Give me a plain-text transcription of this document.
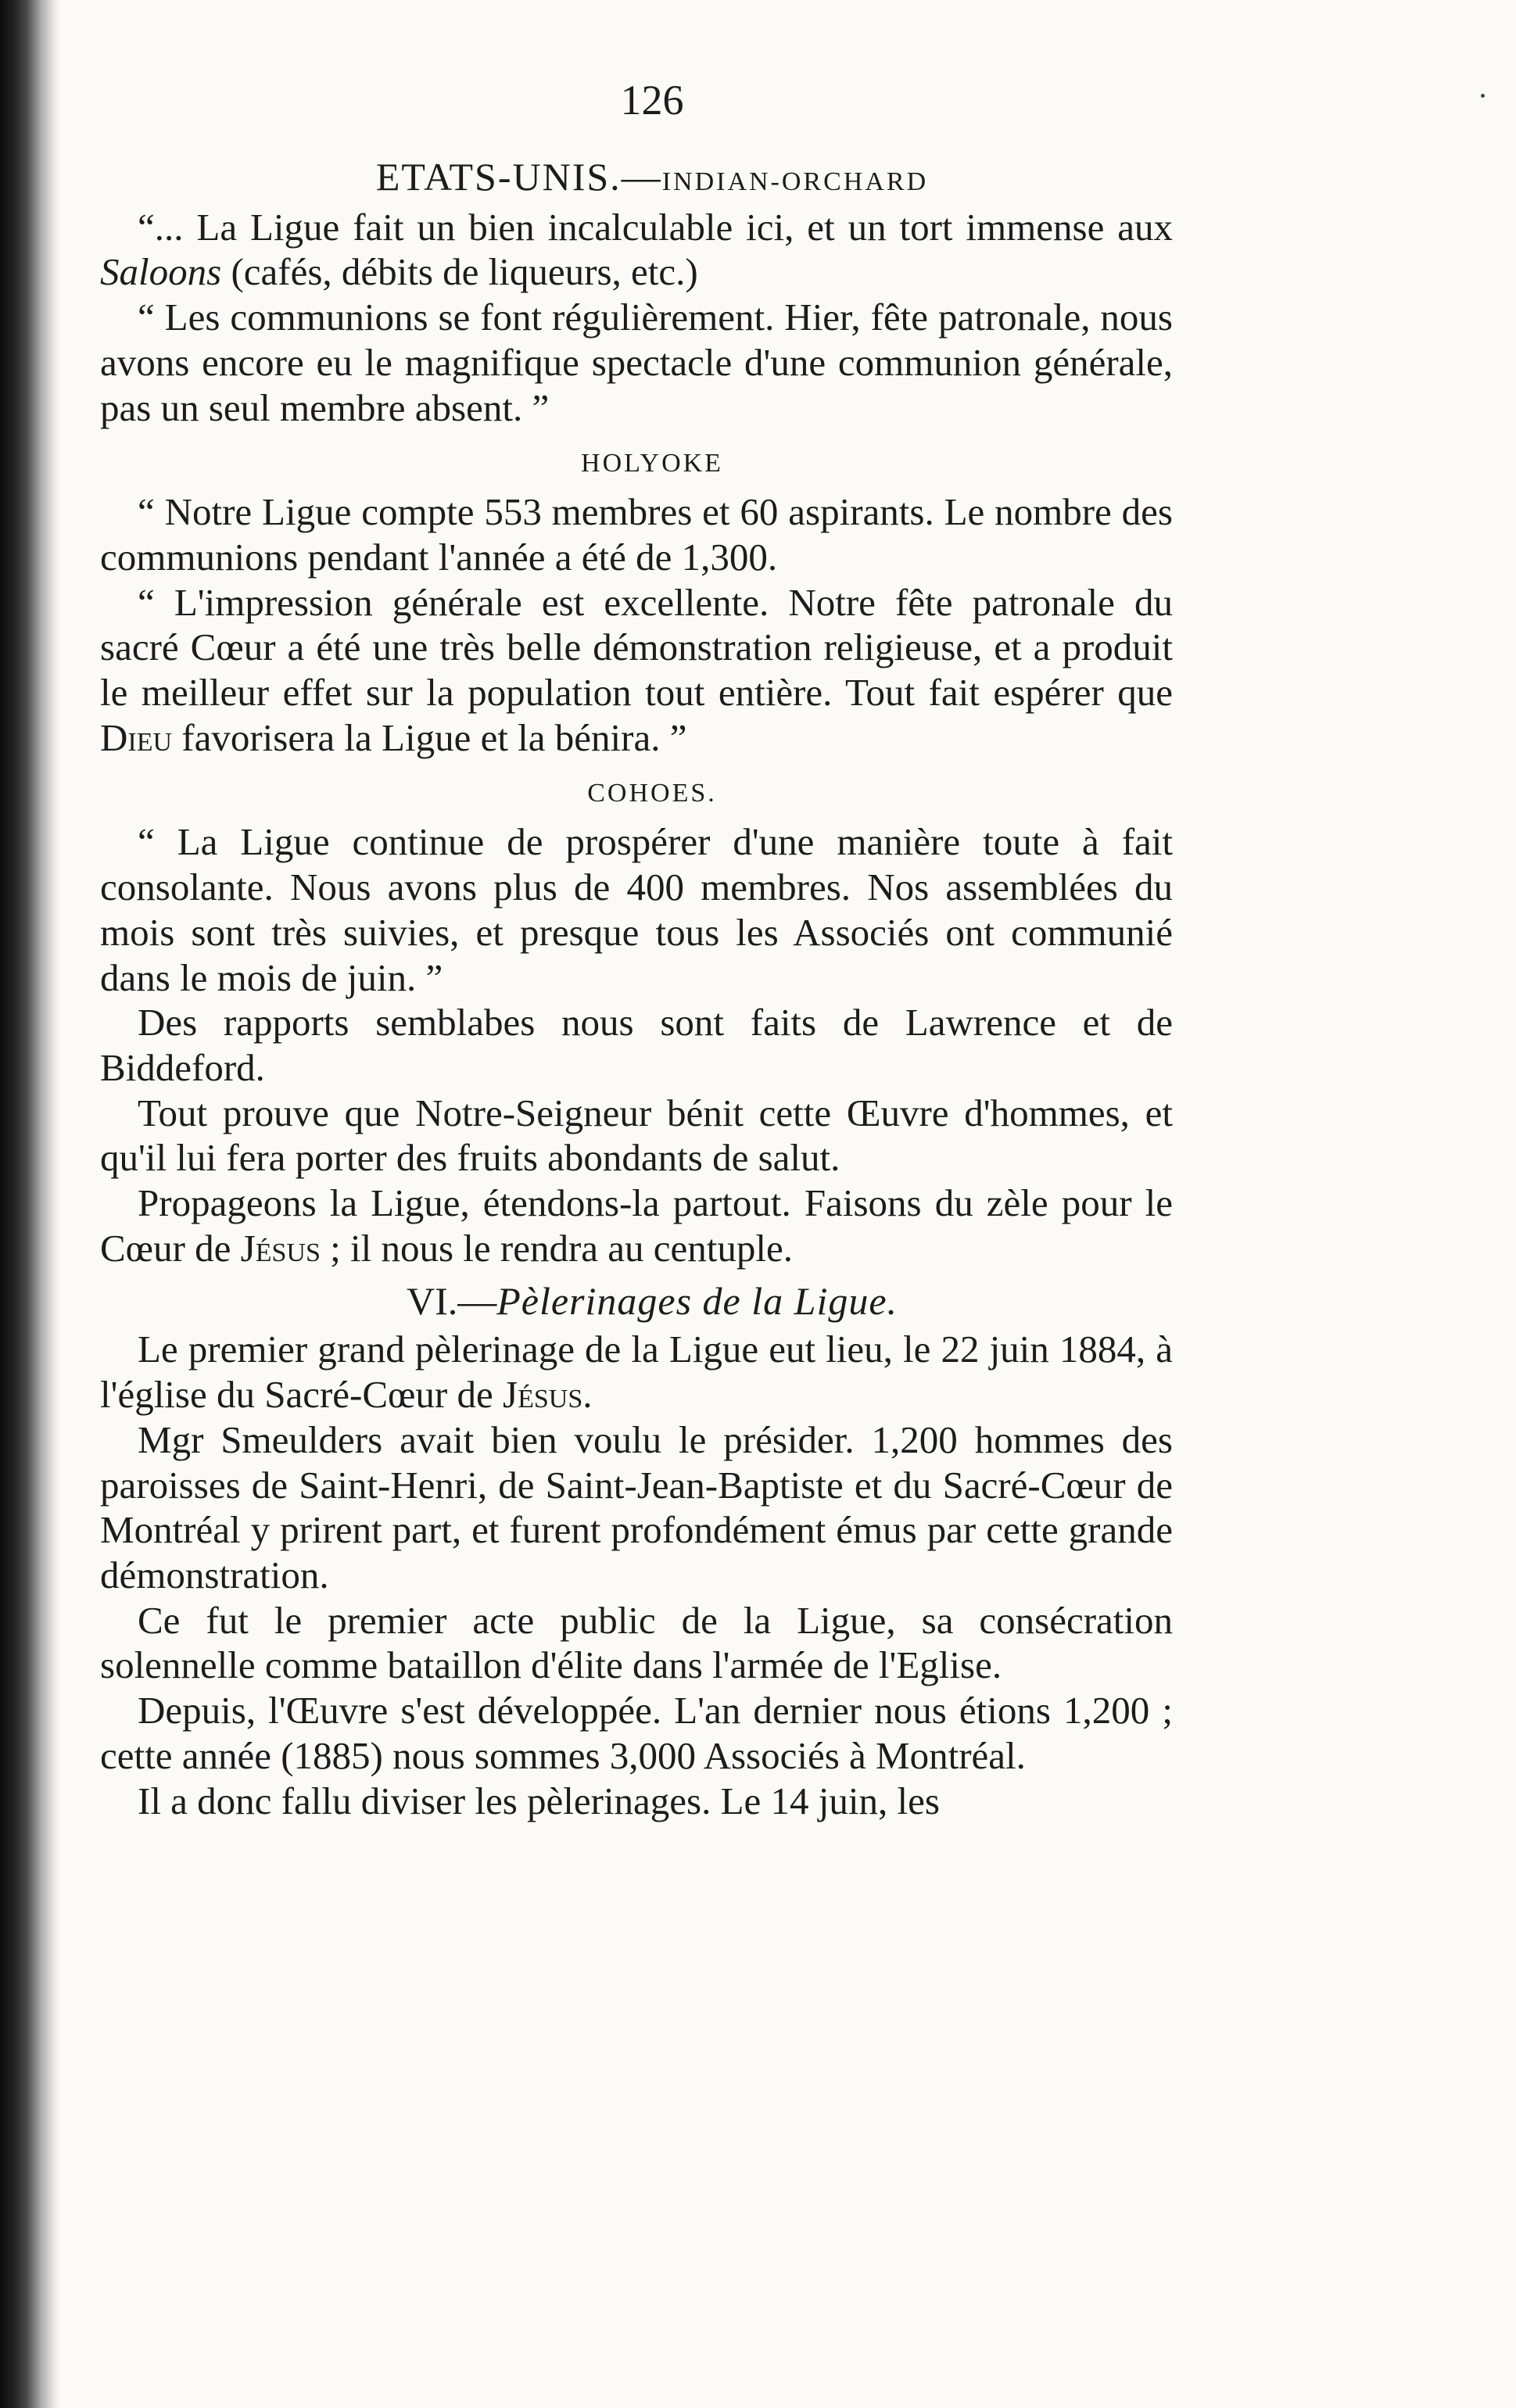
126
ETATS-UNIS.—INDIAN-ORCHARD

“... La Ligue fait un bien incalculable ici, et un tort immense aux Saloons (cafés, débits de liqueurs, etc.)

“ Les communions se font régulièrement. Hier, fête patronale, nous avons encore eu le magnifique spectacle d'une communion générale, pas un seul membre absent. ”

HOLYOKE

“ Notre Ligue compte 553 membres et 60 aspirants. Le nombre des communions pendant l'année a été de 1,300.

“ L'impression générale est excellente. Notre fête patronale du sacré Cœur a été une très belle démonstration religieuse, et a produit le meilleur effet sur la population tout entière. Tout fait espérer que Dieu favorisera la Ligue et la bénira. ”

COHOES.

“ La Ligue continue de prospérer d'une manière toute à fait consolante. Nous avons plus de 400 membres. Nos assemblées du mois sont très suivies, et presque tous les Associés ont communié dans le mois de juin. ”

Des rapports semblabes nous sont faits de Lawrence et de Biddeford.

Tout prouve que Notre-Seigneur bénit cette Œuvre d'hommes, et qu'il lui fera porter des fruits abondants de salut.

Propageons la Ligue, étendons-la partout. Faisons du zèle pour le Cœur de Jésus ; il nous le rendra au centuple.

VI.—Pèlerinages de la Ligue.

Le premier grand pèlerinage de la Ligue eut lieu, le 22 juin 1884, à l'église du Sacré-Cœur de Jésus.

Mgr Smeulders avait bien voulu le présider. 1,200 hommes des paroisses de Saint-Henri, de Saint-Jean-Baptiste et du Sacré-Cœur de Montréal y prirent part, et furent profondément émus par cette grande démonstration.

Ce fut le premier acte public de la Ligue, sa consécration solennelle comme bataillon d'élite dans l'armée de l'Eglise.

Depuis, l'Œuvre s'est développée. L'an dernier nous étions 1,200 ; cette année (1885) nous sommes 3,000 Associés à Montréal.

Il a donc fallu diviser les pèlerinages. Le 14 juin, les
